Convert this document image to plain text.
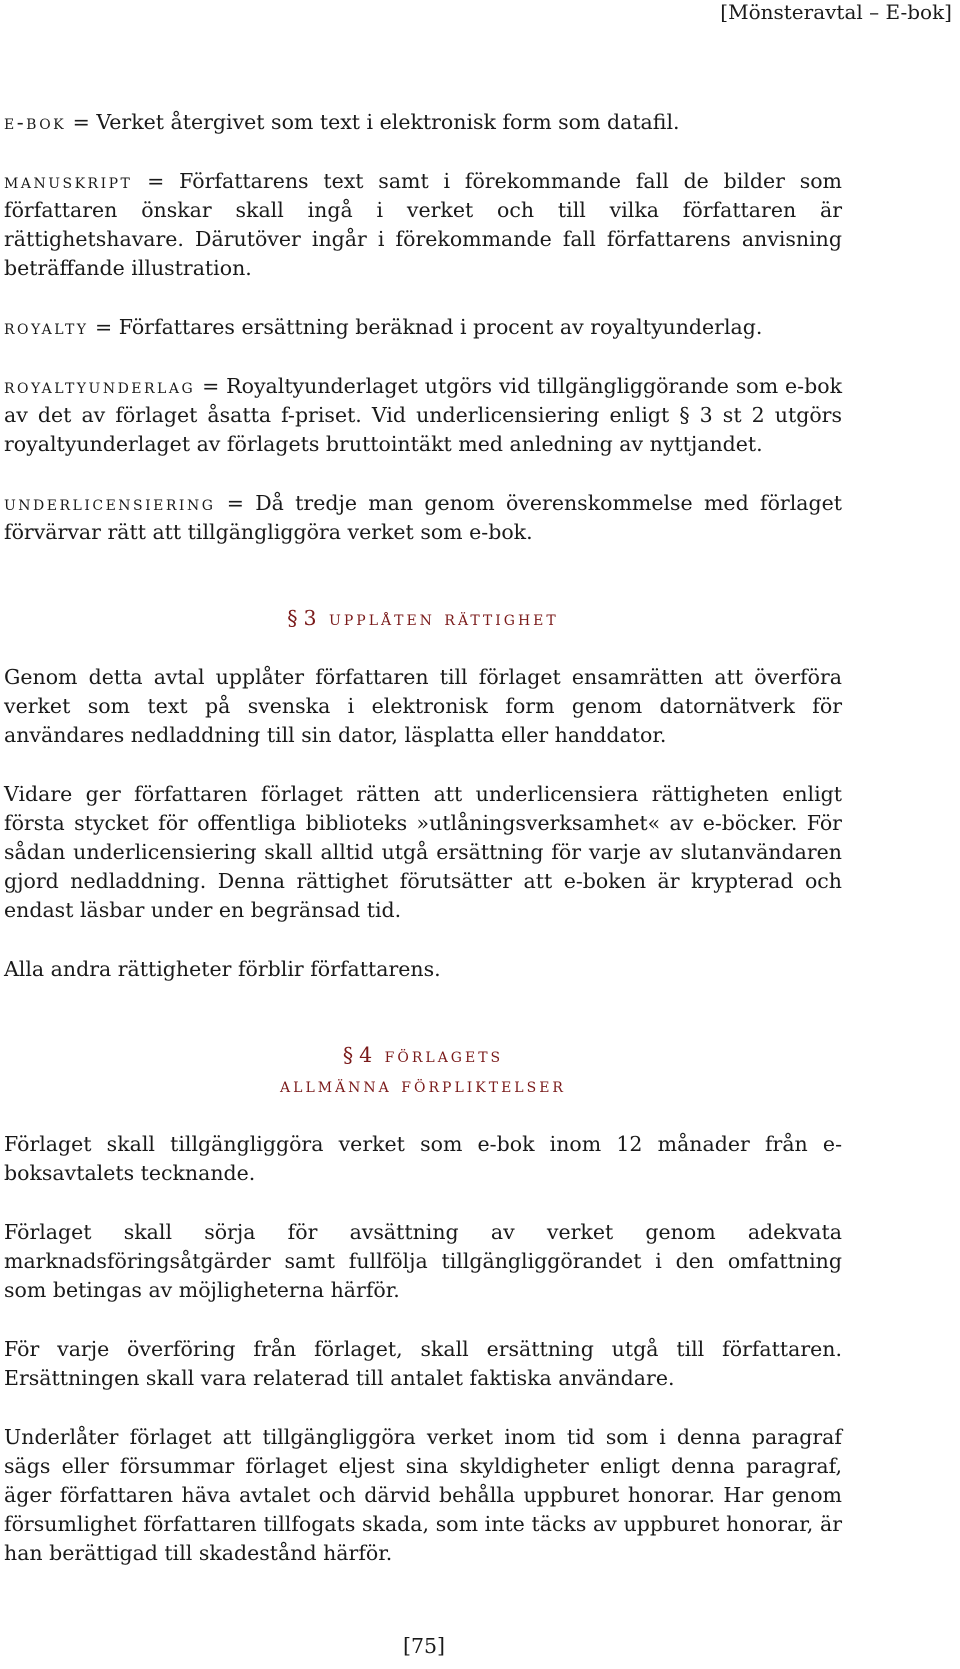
[Mönsteravtal – E-bok]

e-bok = Verket återgivet som text i elektronisk form som datafil.

manuskript = Författarens text samt i förekommande fall de bilder som författaren önskar skall ingå i verket och till vilka författaren är rättighetshavare. Därutöver ingår i förekommande fall författarens anvisning beträffande illustration.

royalty = Författares ersättning beräknad i procent av royaltyunderlag.

royaltyunderlag = Royaltyunderlaget utgörs vid tillgängliggörande som e-bok av det av förlaget åsatta f-priset. Vid underlicensiering enligt § 3 st 2 utgörs royaltyunderlaget av förlagets bruttointäkt med anledning av nyttjandet.

underlicensiering = Då tredje man genom överenskommelse med förlaget förvärvar rätt att tillgängliggöra verket som e-bok.

§ 3 upplåten rättighet

Genom detta avtal upplåter författaren till förlaget ensamrätten att överföra verket som text på svenska i elektronisk form genom datornätverk för användares nedladdning till sin dator, läsplatta eller handdator.

Vidare ger författaren förlaget rätten att underlicensiera rättigheten enligt första stycket för offentliga biblioteks »utlåningsverksamhet« av e-böcker. För sådan underlicensiering skall alltid utgå ersättning för varje av slutanvändaren gjord nedladdning. Denna rättighet förutsätter att e-boken är krypterad och endast läsbar under en begränsad tid.

Alla andra rättigheter förblir författarens.

§ 4 förlagets
allmänna förpliktelser

Förlaget skall tillgängliggöra verket som e-bok inom 12 månader från e-boksavtalets tecknande.

Förlaget skall sörja för avsättning av verket genom adekvata marknadsföringsåtgärder samt fullfölja tillgängliggörandet i den omfattning som betingas av möjligheterna härför.

För varje överföring från förlaget, skall ersättning utgå till författaren. Ersättningen skall vara relaterad till antalet faktiska användare.

Underlåter förlaget att tillgängliggöra verket inom tid som i denna paragraf sägs eller försummar förlaget eljest sina skyldigheter enligt denna paragraf, äger författaren häva avtalet och därvid behålla uppburet honorar. Har genom försumlighet författaren tillfogats skada, som inte täcks av uppburet honorar, är han berättigad till skadestånd härför.

[75]
